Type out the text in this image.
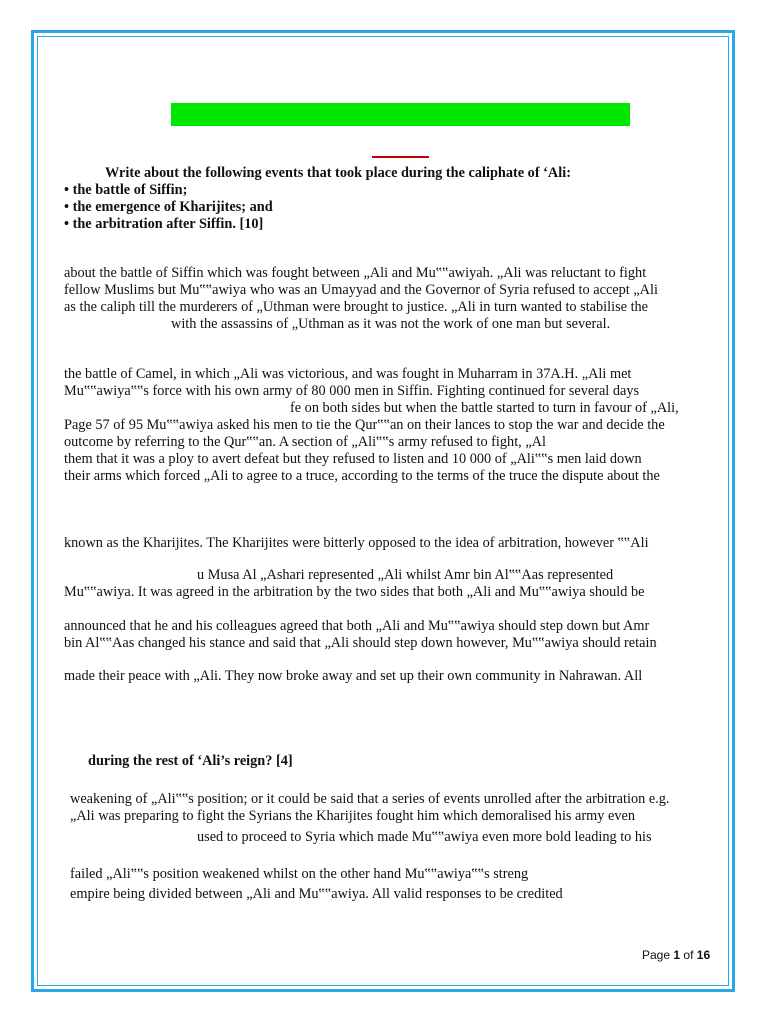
Write about the following events that took place during the caliphate of ‘Ali:
• the battle of Siffin;
• the emergence of Kharijites; and
• the arbitration after Siffin. [10]
about the battle of Siffin which was fought between „Ali and Mu‟‟awiyah. „Ali was reluctant to fight
fellow Muslims but Mu‟‟awiya who was an Umayyad and the Governor of Syria refused to accept „Ali
as the caliph till the murderers of „Uthman were brought to justice. „Ali in turn wanted to stabilise the
with the assassins of „Uthman as it was not the work of one man but several.
the battle of Camel, in which „Ali was victorious, and was fought in Muharram in 37A.H. „Ali met
Mu‟‟awiya‟‟s force with his own army of 80 000 men in Siffin. Fighting continued for several days
fe on both sides but when the battle started to turn in favour of „Ali,
Page 57 of 95 Mu‟‟awiya asked his men to tie the Qur‟‟an on their lances to stop the war and decide the
outcome by referring to the Qur‟‟an. A section of „Ali‟‟s army refused to fight, „Al
them that it was a ploy to avert defeat but they refused to listen and 10 000 of „Ali‟‟s men laid down
their arms which forced „Ali to agree to a truce, according to the terms of the truce the dispute about the
known as the Kharijites. The Kharijites were bitterly opposed to the idea of arbitration, however ‟‟Ali
u Musa Al „Ashari represented „Ali whilst Amr bin Al‟‟Aas represented
Mu‟‟awiya. It was agreed in the arbitration by the two sides that both „Ali and Mu‟‟awiya should be
announced that he and his colleagues agreed that both „Ali and Mu‟‟awiya should step down but Amr
bin Al‟‟Aas changed his stance and said that „Ali should step down however, Mu‟‟awiya should retain
made their peace with „Ali. They now broke away and set up their own community in Nahrawan. All
during the rest of ‘Ali’s reign? [4]
weakening of „Ali‟‟s position; or it could be said that a series of events unrolled after the arbitration e.g.
„Ali was preparing to fight the Syrians the Kharijites fought him which demoralised his army even
used to proceed to Syria which made Mu‟‟awiya even more bold leading to his
failed „Ali‟‟s position weakened whilst on the other hand Mu‟‟awiya‟‟s streng
empire being divided between „Ali and Mu‟‟awiya. All valid responses to be credited
Page 1 of 16
